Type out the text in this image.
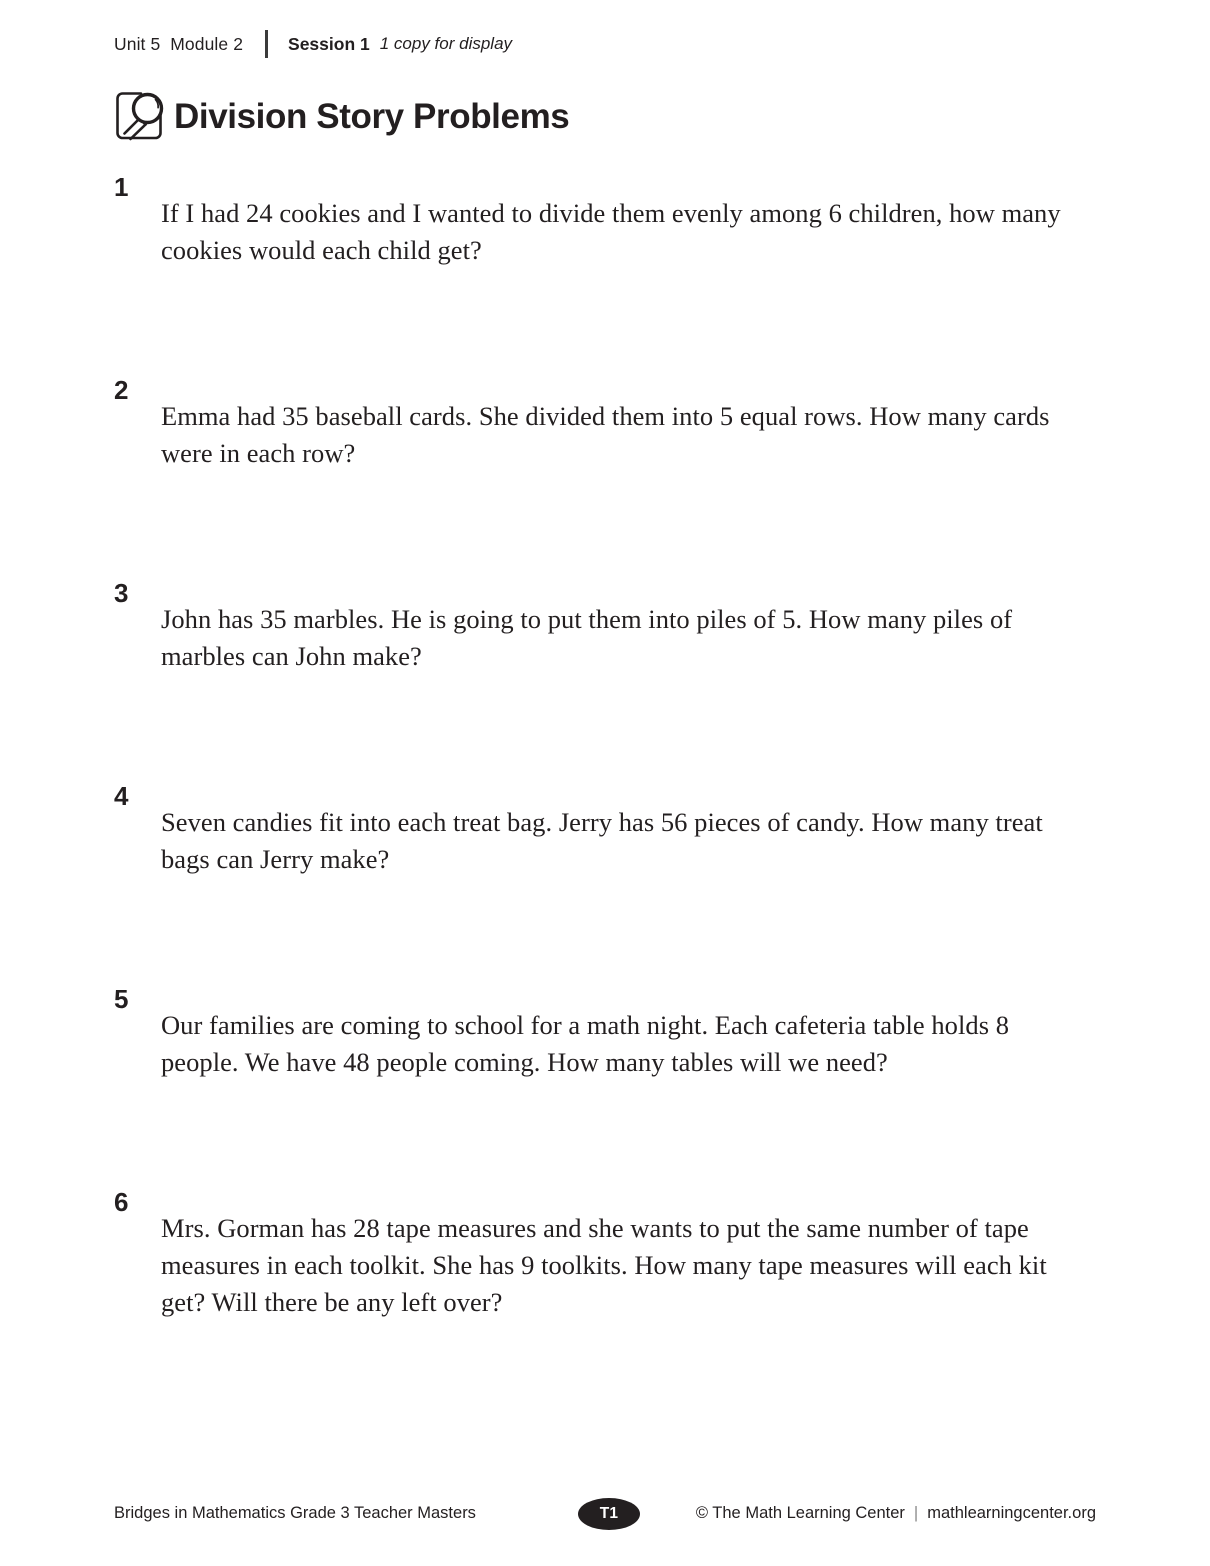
Unit 5  Module 2	Session 1 1 copy for display
Division Story Problems
1

If I had 24 cookies and I wanted to divide them evenly among 6 children, how many cookies would each child get?

2

Emma had 35 baseball cards. She divided them into 5 equal rows. How many cards were in each row?

3

John has 35 marbles. He is going to put them into piles of 5. How many piles of marbles can John make?

4

Seven candies fit into each treat bag. Jerry has 56 pieces of candy. How many treat bags can Jerry make?

5

Our families are coming to school for a math night. Each cafeteria table holds 8 people. We have 48 people coming. How many tables will we need?

6

Mrs. Gorman has 28 tape measures and she wants to put the same number of tape measures in each toolkit. She has 9 toolkits. How many tape measures will each kit get? Will there be any left over?

Bridges in Mathematics Grade 3 Teacher Masters	T1	© The Math Learning Center | mathlearningcenter.org
